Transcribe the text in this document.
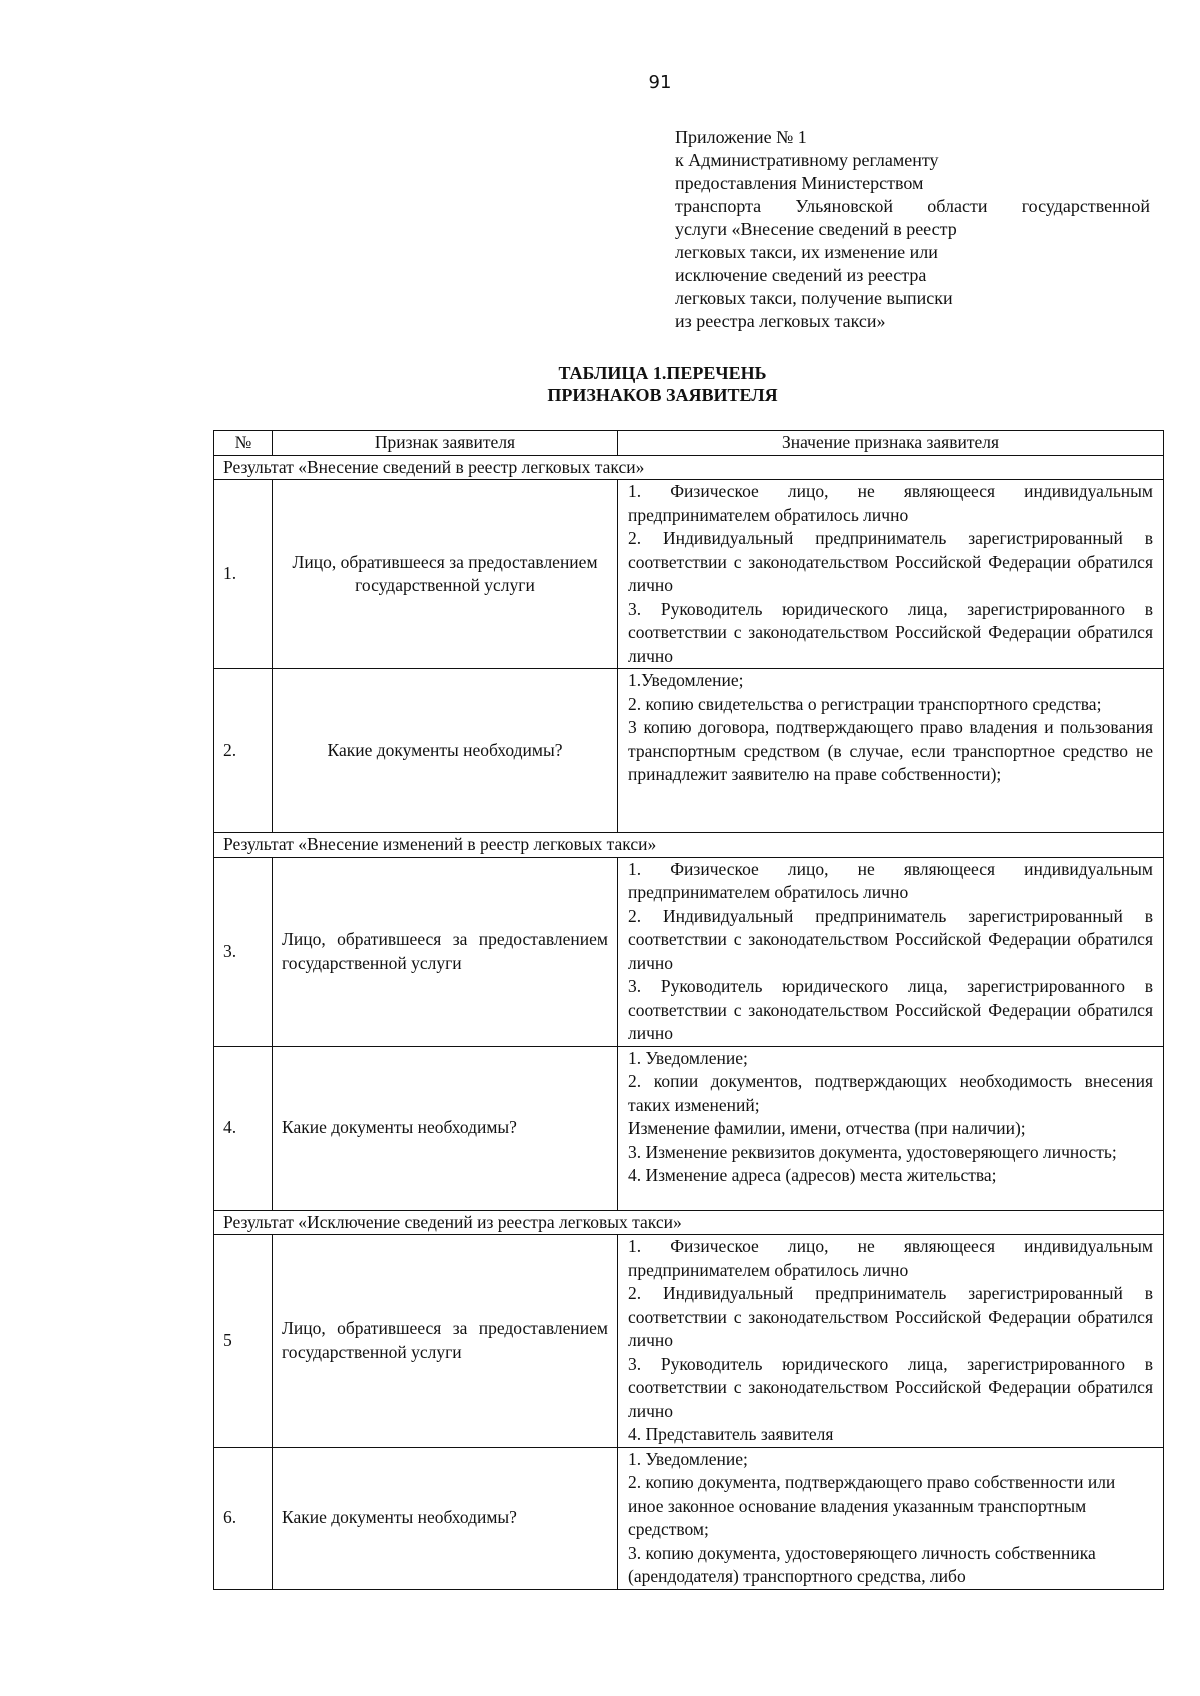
91
Приложение № 1
к Административному регламенту
предоставления Министерством
транспорта Ульяновской области государственной
услуги «Внесение сведений в реестр
легковых такси, их изменение или
исключение сведений из реестра
легковых такси, получение выписки
из реестра легковых такси»
ТАБЛИЦА 1.ПЕРЕЧЕНЬ
ПРИЗНАКОВ ЗАЯВИТЕЛЯ
№	Признак заявителя	Значение признака заявителя
Результат «Внесение сведений в реестр легковых такси»		
1.	Лицо, обратившееся за предоставлением государственной услуги	1. Физическое лицо, не являющееся индивидуальным предпринимателем обратилось лично
2. Индивидуальный предприниматель зарегистрированный в соответствии с законодательством Российской Федерации обратился лично
3. Руководитель юридического лица, зарегистрированного в соответствии с законодательством Российской Федерации обратился лично

2.	Какие документы необходимы?	1.Уведомление;
2. копию свидетельства о регистрации транспортного средства;
3 копию договора, подтверждающего право владения и пользования транспортным средством (в случае, если транспортное средство не принадлежит заявителю на праве собственности);

Результат «Внесение изменений в реестр легковых такси»		
3.	Лицо, обратившееся за предоставлением государственной услуги	1. Физическое лицо, не являющееся индивидуальным предпринимателем обратилось лично
2. Индивидуальный предприниматель зарегистрированный в соответствии с законодательством Российской Федерации обратился лично
3. Руководитель юридического лица, зарегистрированного в соответствии с законодательством Российской Федерации обратился лично

4.	Какие документы необходимы?	1. Уведомление;
2. копии документов, подтверждающих необходимость внесения таких изменений;
Изменение фамилии, имени, отчества (при наличии);
3. Изменение реквизитов документа, удостоверяющего личность;
4. Изменение адреса (адресов) места жительства;

Результат «Исключение сведений из реестра легковых такси»		
5	Лицо, обратившееся за предоставлением государственной услуги	1. Физическое лицо, не являющееся индивидуальным предпринимателем обратилось лично
2. Индивидуальный предприниматель зарегистрированный в соответствии с законодательством Российской Федерации обратился лично
3. Руководитель юридического лица, зарегистрированного в соответствии с законодательством Российской Федерации обратился лично
4. Представитель заявителя

6.	Какие документы необходимы?	1. Уведомление;
2. копию документа, подтверждающего право собственности или иное законное основание владения указанным транспортным средством;
3. копию документа, удостоверяющего личность собственника (арендодателя) транспортного средства, либо
